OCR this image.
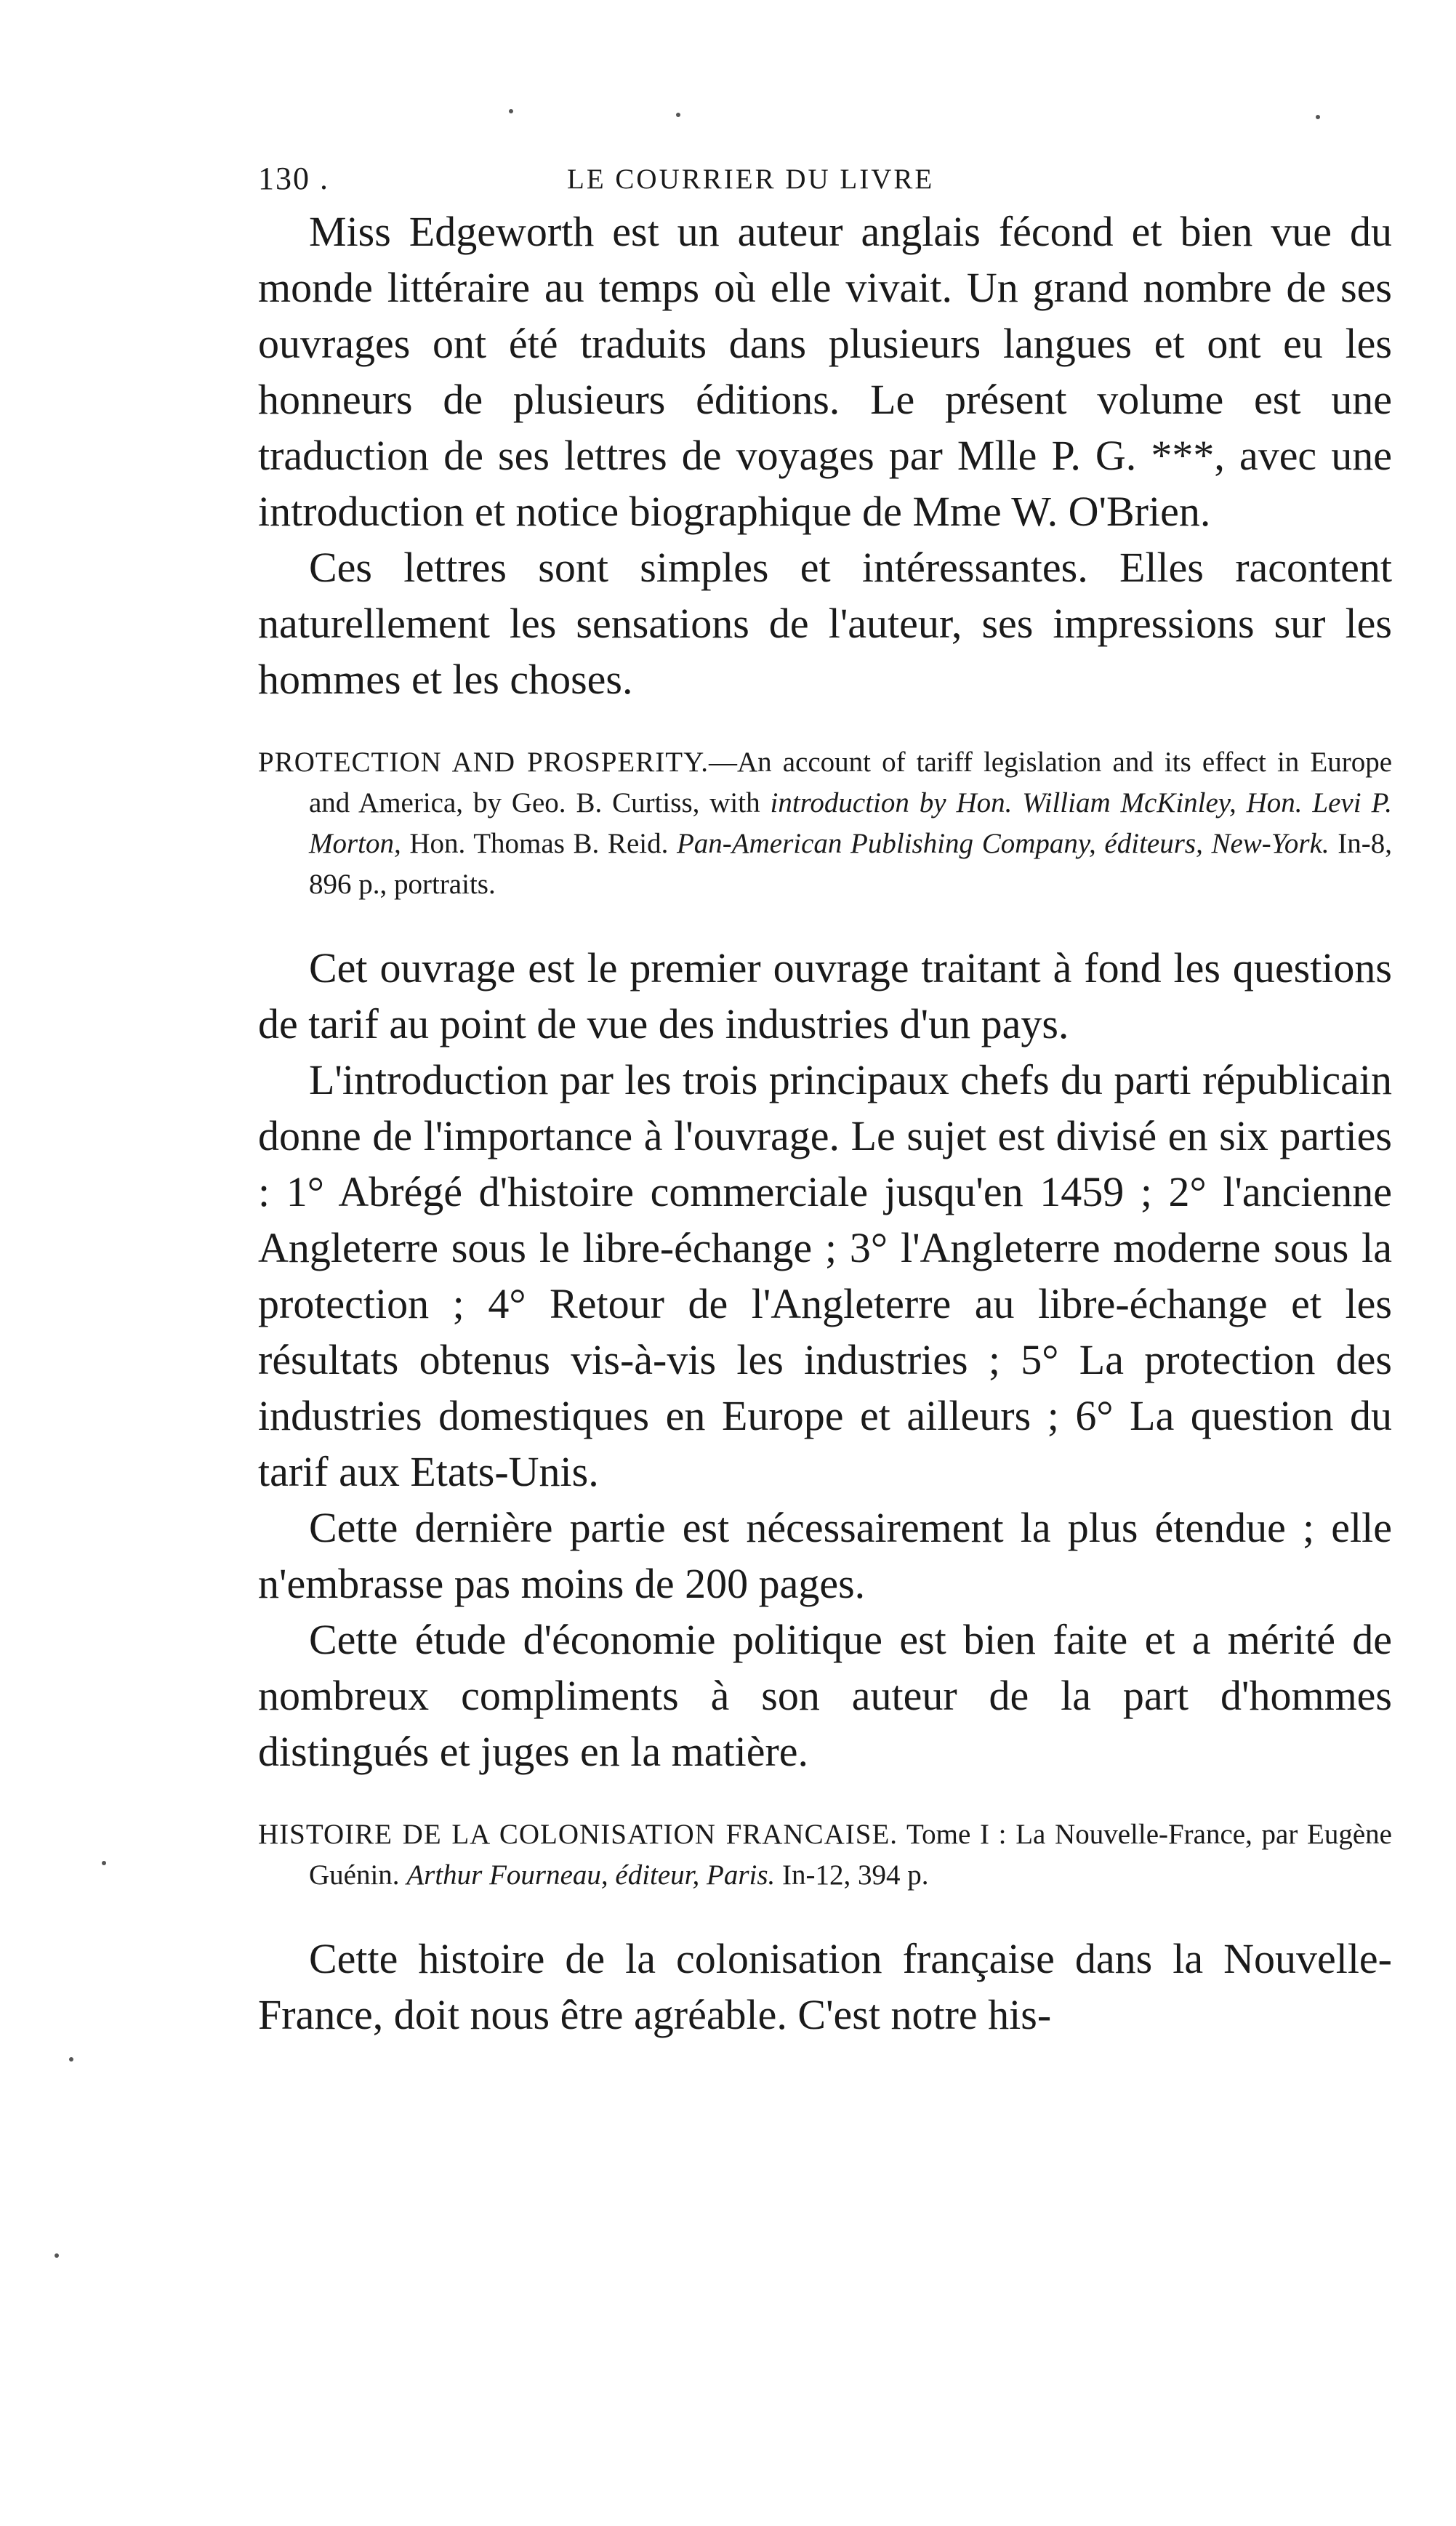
130 .	LE COURRIER DU LIVRE

Miss Edgeworth est un auteur anglais fécond et bien vue du monde littéraire au temps où elle vivait. Un grand nombre de ses ouvrages ont été traduits dans plusieurs langues et ont eu les honneurs de plusieurs éditions. Le présent volume est une traduction de ses lettres de voyages par Mlle P. G. ***, avec une introduction et notice biographique de Mme W. O'Brien.

Ces lettres sont simples et intéressantes. Elles racontent naturellement les sensations de l'auteur, ses impressions sur les hommes et les choses.

PROTECTION AND PROSPERITY.—An account of tariff legislation and its effect in Europe and America, by Geo. B. Curtiss, with introduction by Hon. William McKinley, Hon. Levi P. Morton, Hon. Thomas B. Reid. Pan-American Publishing Company, éditeurs, New-York. In-8, 896 p., portraits.

Cet ouvrage est le premier ouvrage traitant à fond les questions de tarif au point de vue des industries d'un pays.

L'introduction par les trois principaux chefs du parti républicain donne de l'importance à l'ouvrage. Le sujet est divisé en six parties : 1° Abrégé d'histoire commerciale jusqu'en 1459 ; 2° l'ancienne Angleterre sous le libre-échange ; 3° l'Angleterre moderne sous la protection ; 4° Retour de l'Angleterre au libre-échange et les résultats obtenus vis-à-vis les industries ; 5° La protection des industries domestiques en Europe et ailleurs ; 6° La question du tarif aux Etats-Unis.

Cette dernière partie est nécessairement la plus étendue ; elle n'embrasse pas moins de 200 pages.

Cette étude d'économie politique est bien faite et a mérité de nombreux compliments à son auteur de la part d'hommes distingués et juges en la matière.

HISTOIRE DE LA COLONISATION FRANCAISE. Tome I : La Nouvelle-France, par Eugène Guénin. Arthur Fourneau, éditeur, Paris. In-12, 394 p.

Cette histoire de la colonisation française dans la Nouvelle-France, doit nous être agréable. C'est notre his-
